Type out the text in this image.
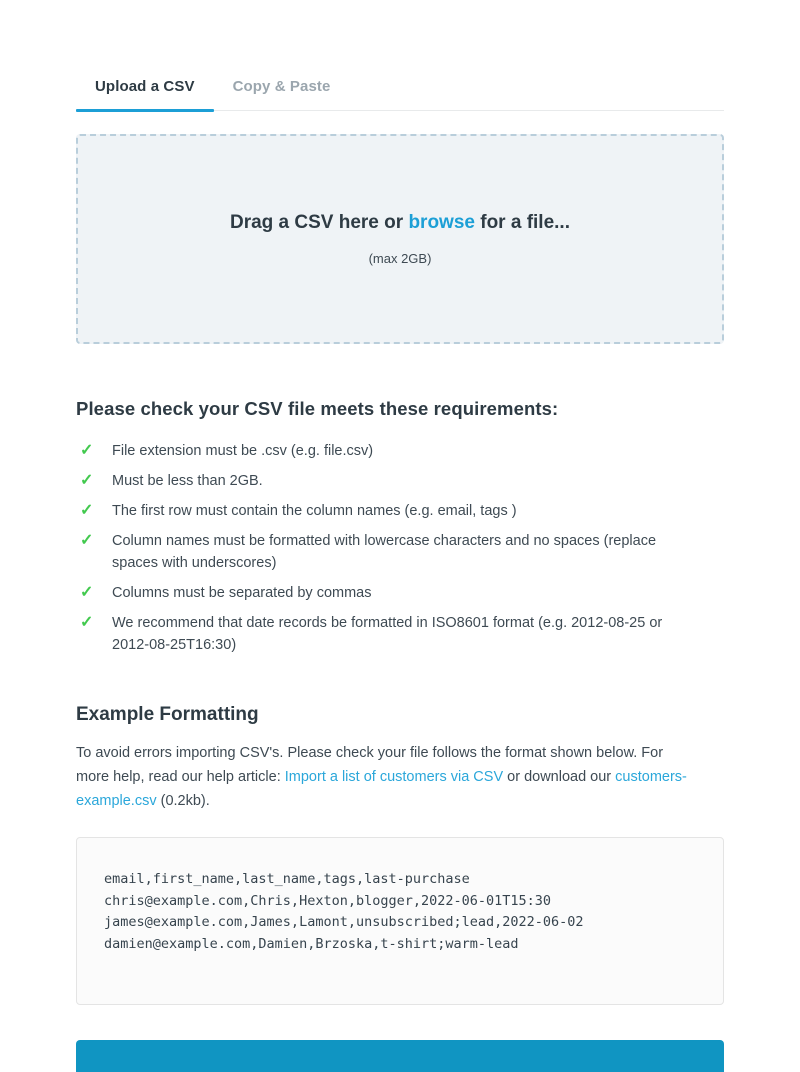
Upload a CSV	Copy & Paste
Drag a CSV here or browse for a file...
(max 2GB)
Please check your CSV file meets these requirements:
✓	File extension must be .csv (e.g. file.csv)
✓	Must be less than 2GB.
✓	The first row must contain the column names (e.g. email, tags )
✓	Column names must be formatted with lowercase characters and no spaces (replace spaces with underscores)
✓	Columns must be separated by commas
✓	We recommend that date records be formatted in ISO8601 format (e.g. 2012-08-25 or 2012-08-25T16:30)
Example Formatting

To avoid errors importing CSV's. Please check your file follows the format shown below. For more help, read our help article: Import a list of customers via CSV or download our customers-example.csv (0.2kb).

email,first_name,last_name,tags,last-purchase
chris@example.com,Chris,Hexton,blogger,2022-06-01T15:30
james@example.com,James,Lamont,unsubscribed;lead,2022-06-02
damien@example.com,Damien,Brzoska,t-shirt;warm-lead
